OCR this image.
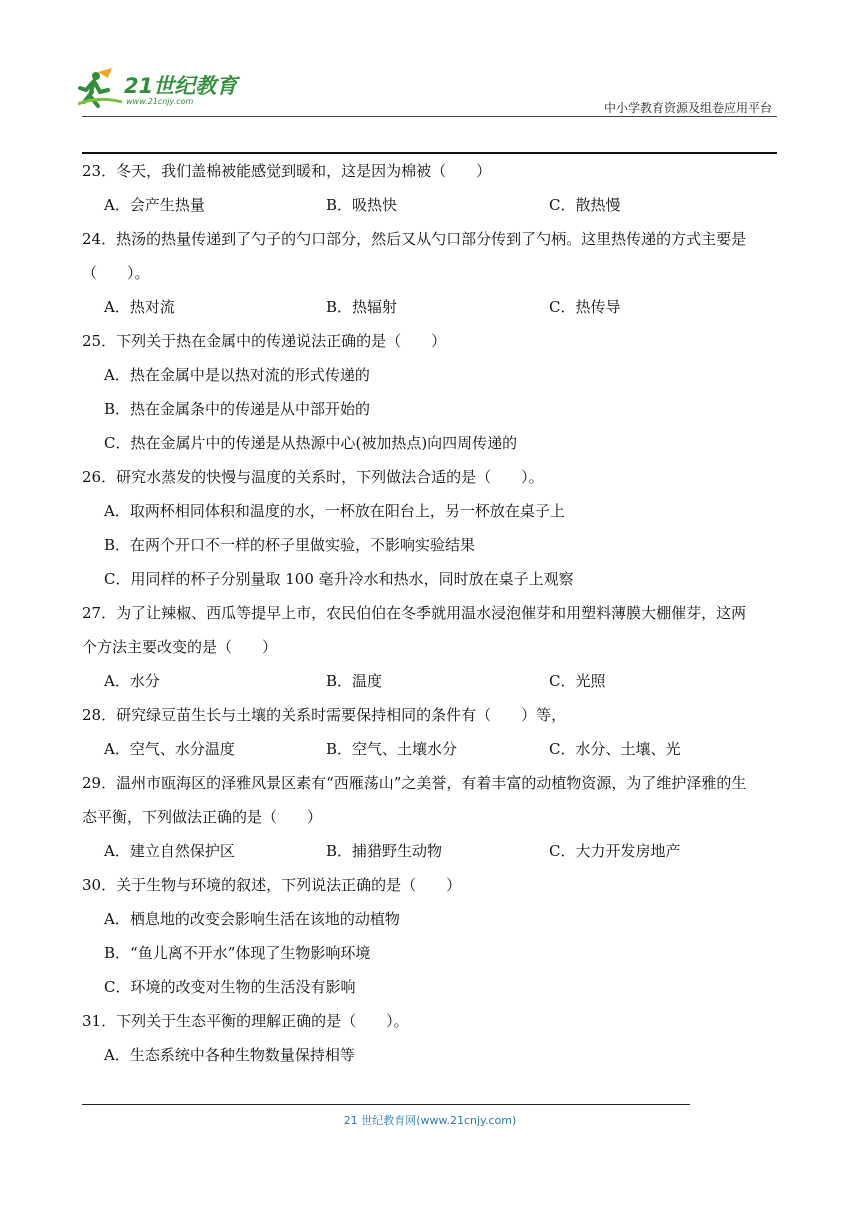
21世纪教育
www.21cnjy.com	中小学教育资源及组卷应用平台
23．冬天，我们盖棉被能感觉到暖和，这是因为棉被（　　）
A．会产生热量	B．吸热快	C．散热慢
24．热汤的热量传递到了勺子的勺口部分，然后又从勺口部分传到了勺柄。这里热传递的方式主要是
（　　）。
A．热对流	B．热辐射	C．热传导
25．下列关于热在金属中的传递说法正确的是（　　）
A．热在金属中是以热对流的形式传递的
B．热在金属条中的传递是从中部开始的
C．热在金属片中的传递是从热源中心(被加热点)向四周传递的
26．研究水蒸发的快慢与温度的关系时，下列做法合适的是（　　）。
A．取两杯相同体积和温度的水，一杯放在阳台上，另一杯放在桌子上
B．在两个开口不一样的杯子里做实验，不影响实验结果
C．用同样的杯子分别量取 100 毫升冷水和热水，同时放在桌子上观察
27．为了让辣椒、西瓜等提早上市，农民伯伯在冬季就用温水浸泡催芽和用塑料薄膜大棚催芽，这两
个方法主要改变的是（　　）
A．水分	B．温度	C．光照
28．研究绿豆苗生长与土壤的关系时需要保持相同的条件有（　　）等，
A．空气、水分温度	B．空气、土壤水分	C．水分、土壤、光
29．温州市瓯海区的泽雅风景区素有“西雁荡山”之美誉，有着丰富的动植物资源，为了维护泽雅的生
态平衡，下列做法正确的是（　　）
A．建立自然保护区	B．捕猎野生动物	C．大力开发房地产
30．关于生物与环境的叙述，下列说法正确的是（　　）
A．栖息地的改变会影响生活在该地的动植物
B．“鱼儿离不开水”体现了生物影响环境
C．环境的改变对生物的生活没有影响
31．下列关于生态平衡的理解正确的是（　　）。
A．生态系统中各种生物数量保持相等
21 世纪教育网(www.21cnjy.com)
